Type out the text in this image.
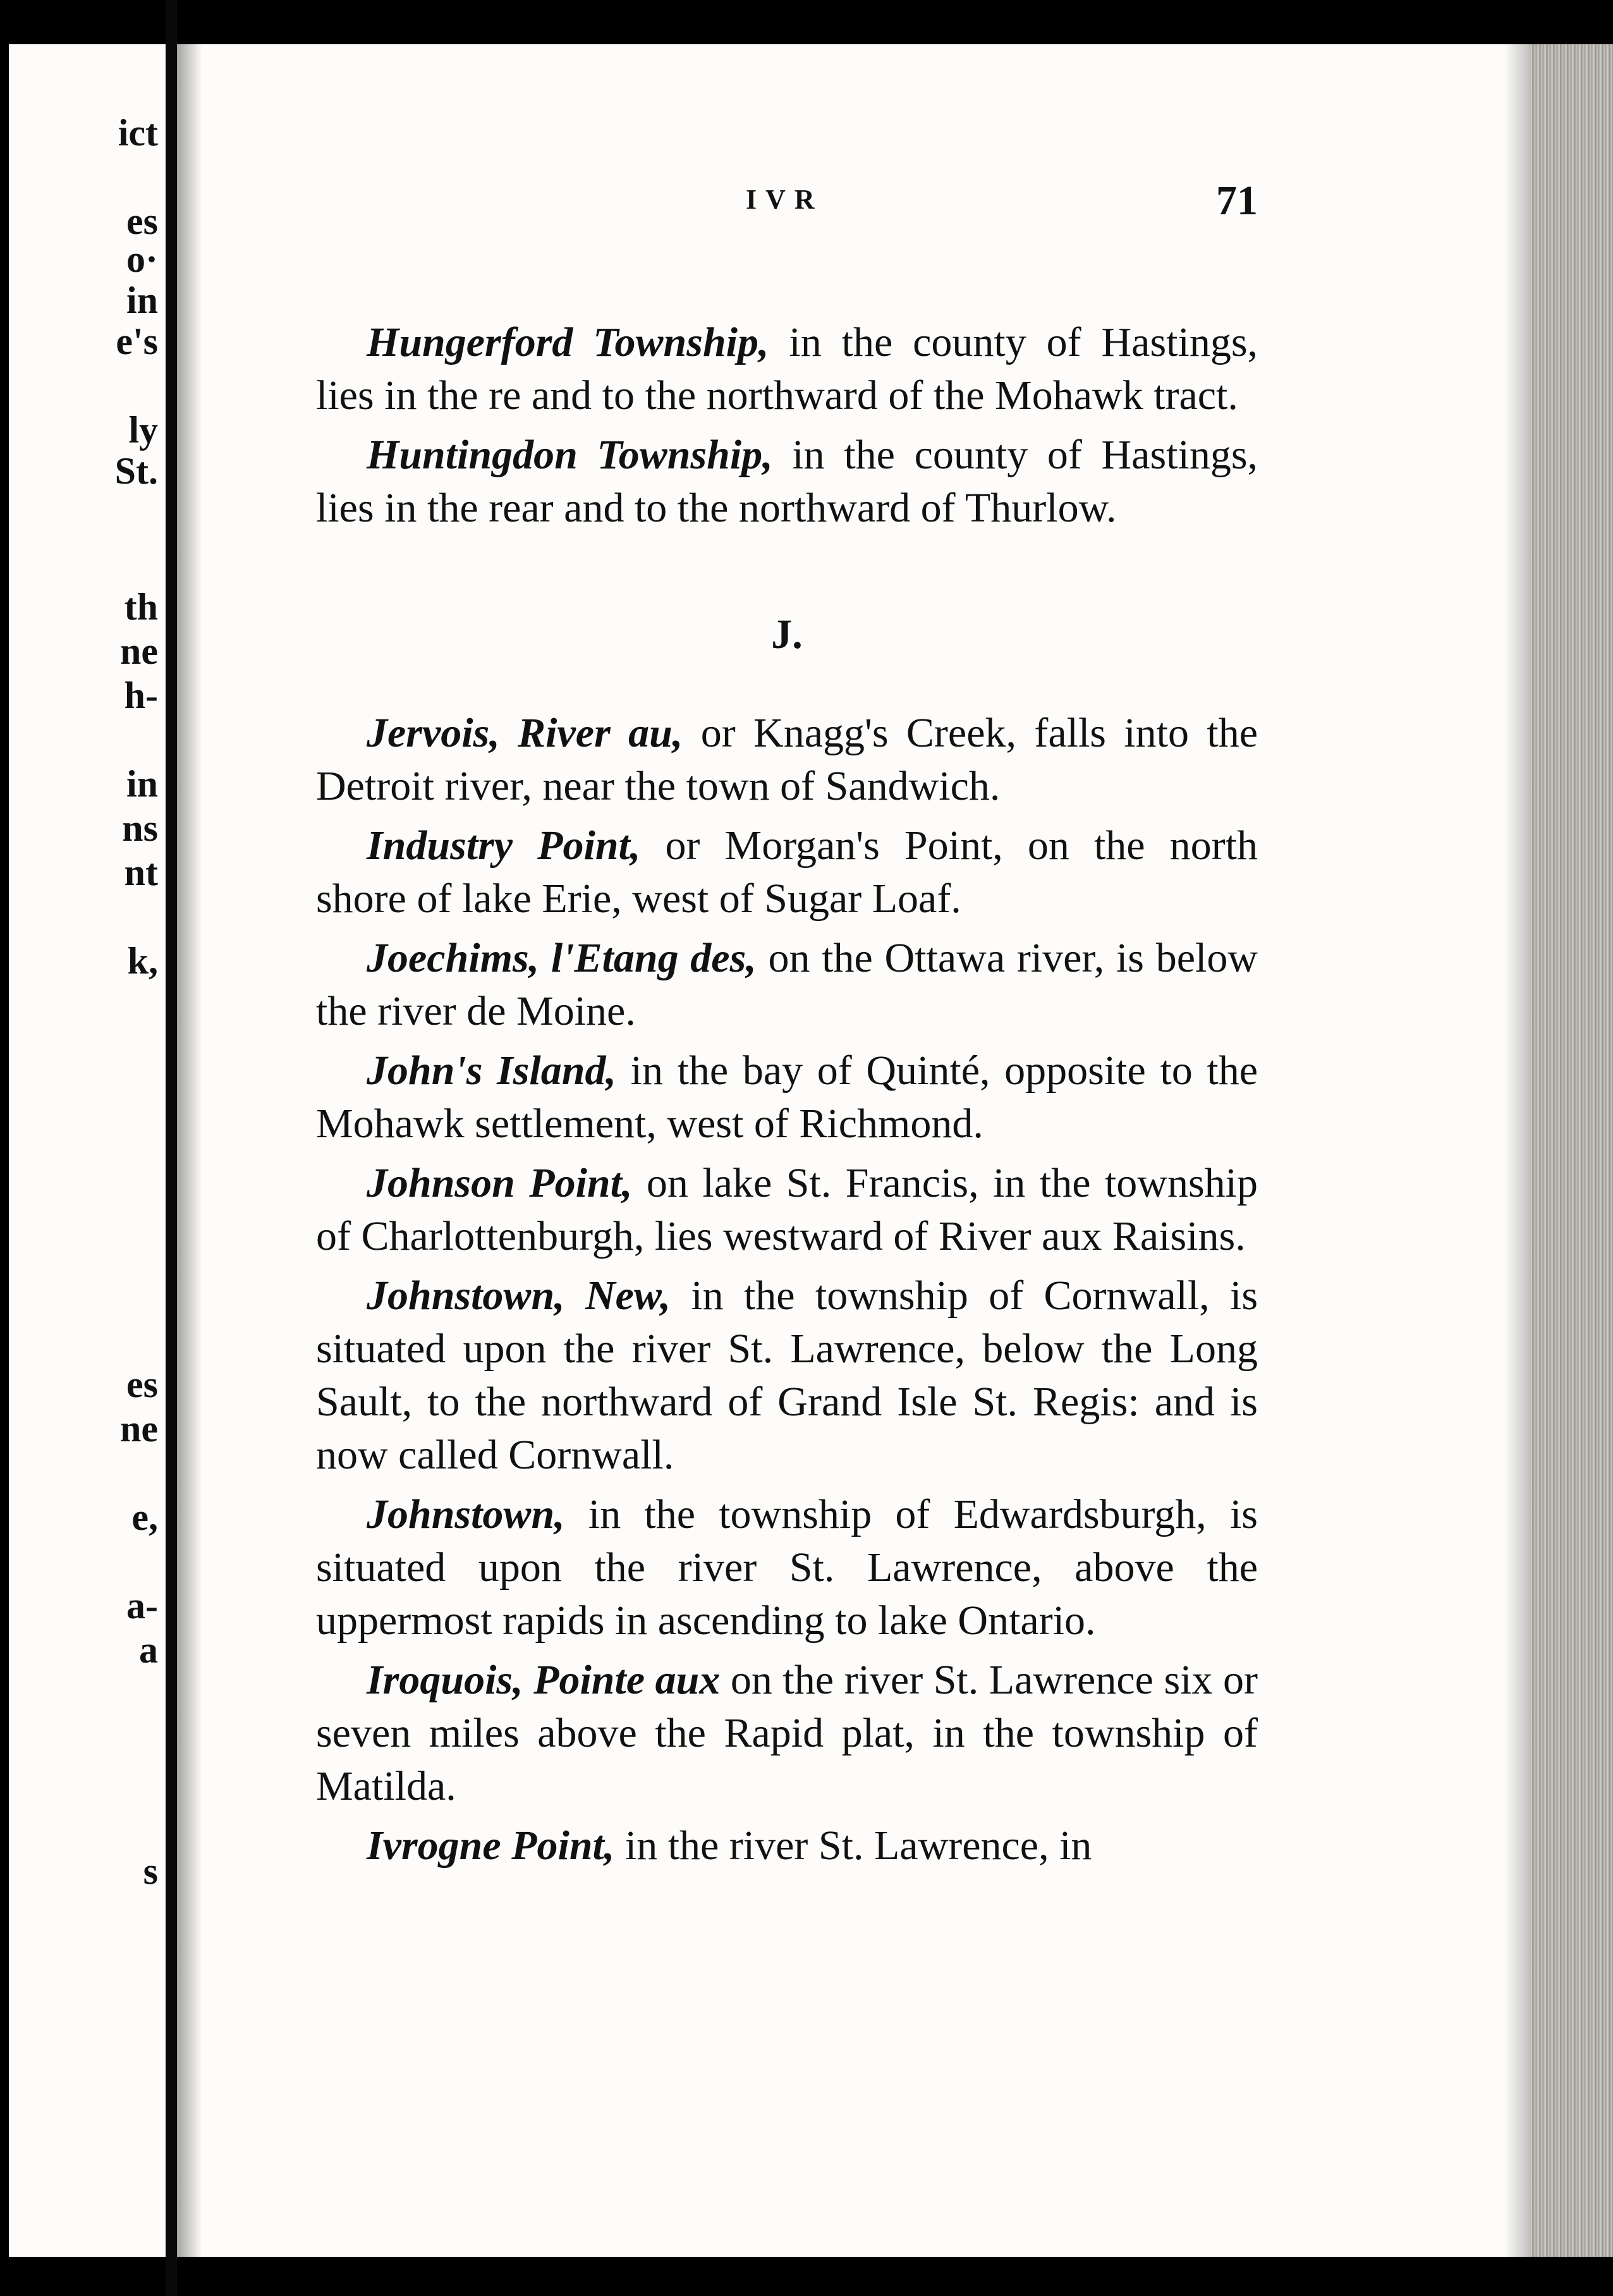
ict
es
o·
in
e's
ly
St.
th
ne
h-
in
ns
nt
k,
es
ne
e,
a-
a
s
IVR	71

Hungerford Township, in the county of Hastings, lies in the re and to the northward of the Mohawk tract.

Huntingdon Township, in the county of Hastings, lies in the rear and to the northward of Thurlow.

J.

Jervois, River au, or Knagg's Creek, falls into the Detroit river, near the town of Sandwich.

Industry Point, or Morgan's Point, on the north shore of lake Erie, west of Sugar Loaf.

Joechims, l'Etang des, on the Ottawa river, is below the river de Moine.

John's Island, in the bay of Quinté, opposite to the Mohawk settlement, west of Richmond.

Johnson Point, on lake St. Francis, in the township of Charlottenburgh, lies westward of River aux Raisins.

Johnstown, New, in the township of Cornwall, is situated upon the river St. Lawrence, below the Long Sault, to the northward of Grand Isle St. Regis: and is now called Cornwall.

Johnstown, in the township of Edwardsburgh, is situated upon the river St. Lawrence, above the uppermost rapids in ascending to lake Ontario.

Iroquois, Pointe aux on the river St. Lawrence six or seven miles above the Rapid plat, in the township of Matilda.

Ivrogne Point, in the river St. Lawrence, in
